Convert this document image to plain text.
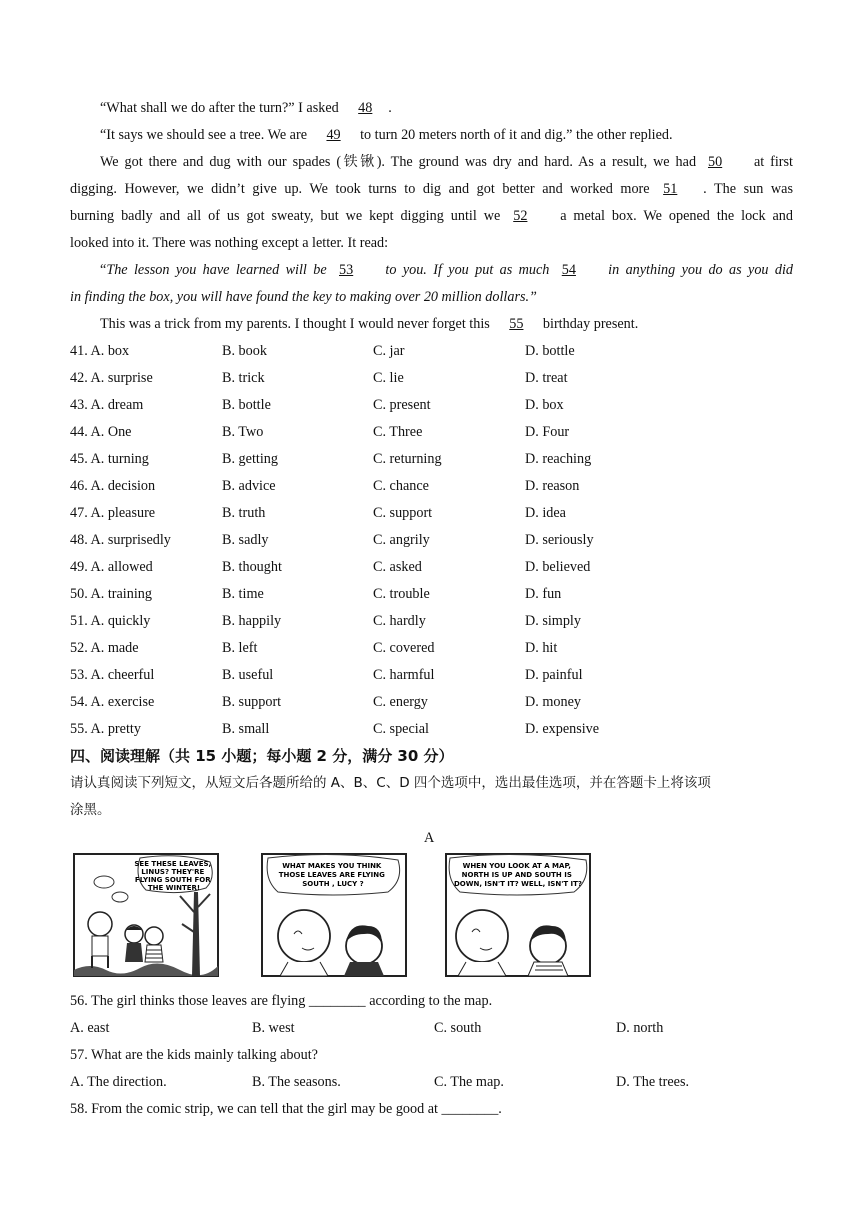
“What shall we do after the turn?” I asked 48 .
“It says we should see a tree. We are 49 to turn 20 meters north of it and dig.” the other replied.
We got there and dug with our spades (铁锹). The ground was dry and hard. As a result, we had 50 at first
digging. However, we didn’t give up. We took turns to dig and got better and worked more 51 . The sun was
burning badly and all of us got sweaty, but we kept digging until we 52 a metal box. We opened the lock and
looked into it. There was nothing except a letter. It read:
“The lesson you have learned will be 53 to you. If you put as much 54 in anything you do as you did
in finding the box, you will have found the key to making over 20 million dollars.”
This was a trick from my parents. I thought I would never forget this 55 birthday present.
41. A. box	B. book	C. jar	D. bottle
42. A. surprise	B. trick	C. lie	D. treat
43. A. dream	B. bottle	C. present	D. box
44. A. One	B. Two	C. Three	D. Four
45. A. turning	B. getting	C. returning	D. reaching
46. A. decision	B. advice	C. chance	D. reason
47. A. pleasure	B. truth	C. support	D. idea
48. A. surprisedly	B. sadly	C. angrily	D. seriously
49. A. allowed	B. thought	C. asked	D. believed
50. A. training	B. time	C. trouble	D. fun
51. A. quickly	B. happily	C. hardly	D. simply
52. A. made	B. left	C. covered	D. hit
53. A. cheerful	B. useful	C. harmful	D. painful
54. A. exercise	B. support	C. energy	D. money
55. A. pretty	B. small	C. special	D. expensive
四、阅读理解（共 15 小题；每小题 2 分，满分 30 分）
请认真阅读下列短文，从短文后各题所给的 A、B、C、D 四个选项中，选出最佳选项，并在答题卡上将该项
涂黑。
A
SEE THESE LEAVES, LINUS? THEY'RE FLYING SOUTH FOR THE WINTER!
WHAT MAKES YOU THINK THOSE LEAVES ARE FLYING SOUTH , LUCY ?
WHEN YOU LOOK AT A MAP, NORTH IS UP AND SOUTH IS DOWN, ISN'T IT? WELL, ISN'T IT?
56. The girl thinks those leaves are flying ________ according to the map.
A. east	B. west	C. south	D. north
57. What are the kids mainly talking about?
A. The direction.	B. The seasons.	C. The map.	D. The trees.
58. From the comic strip, we can tell that the girl may be good at ________.
